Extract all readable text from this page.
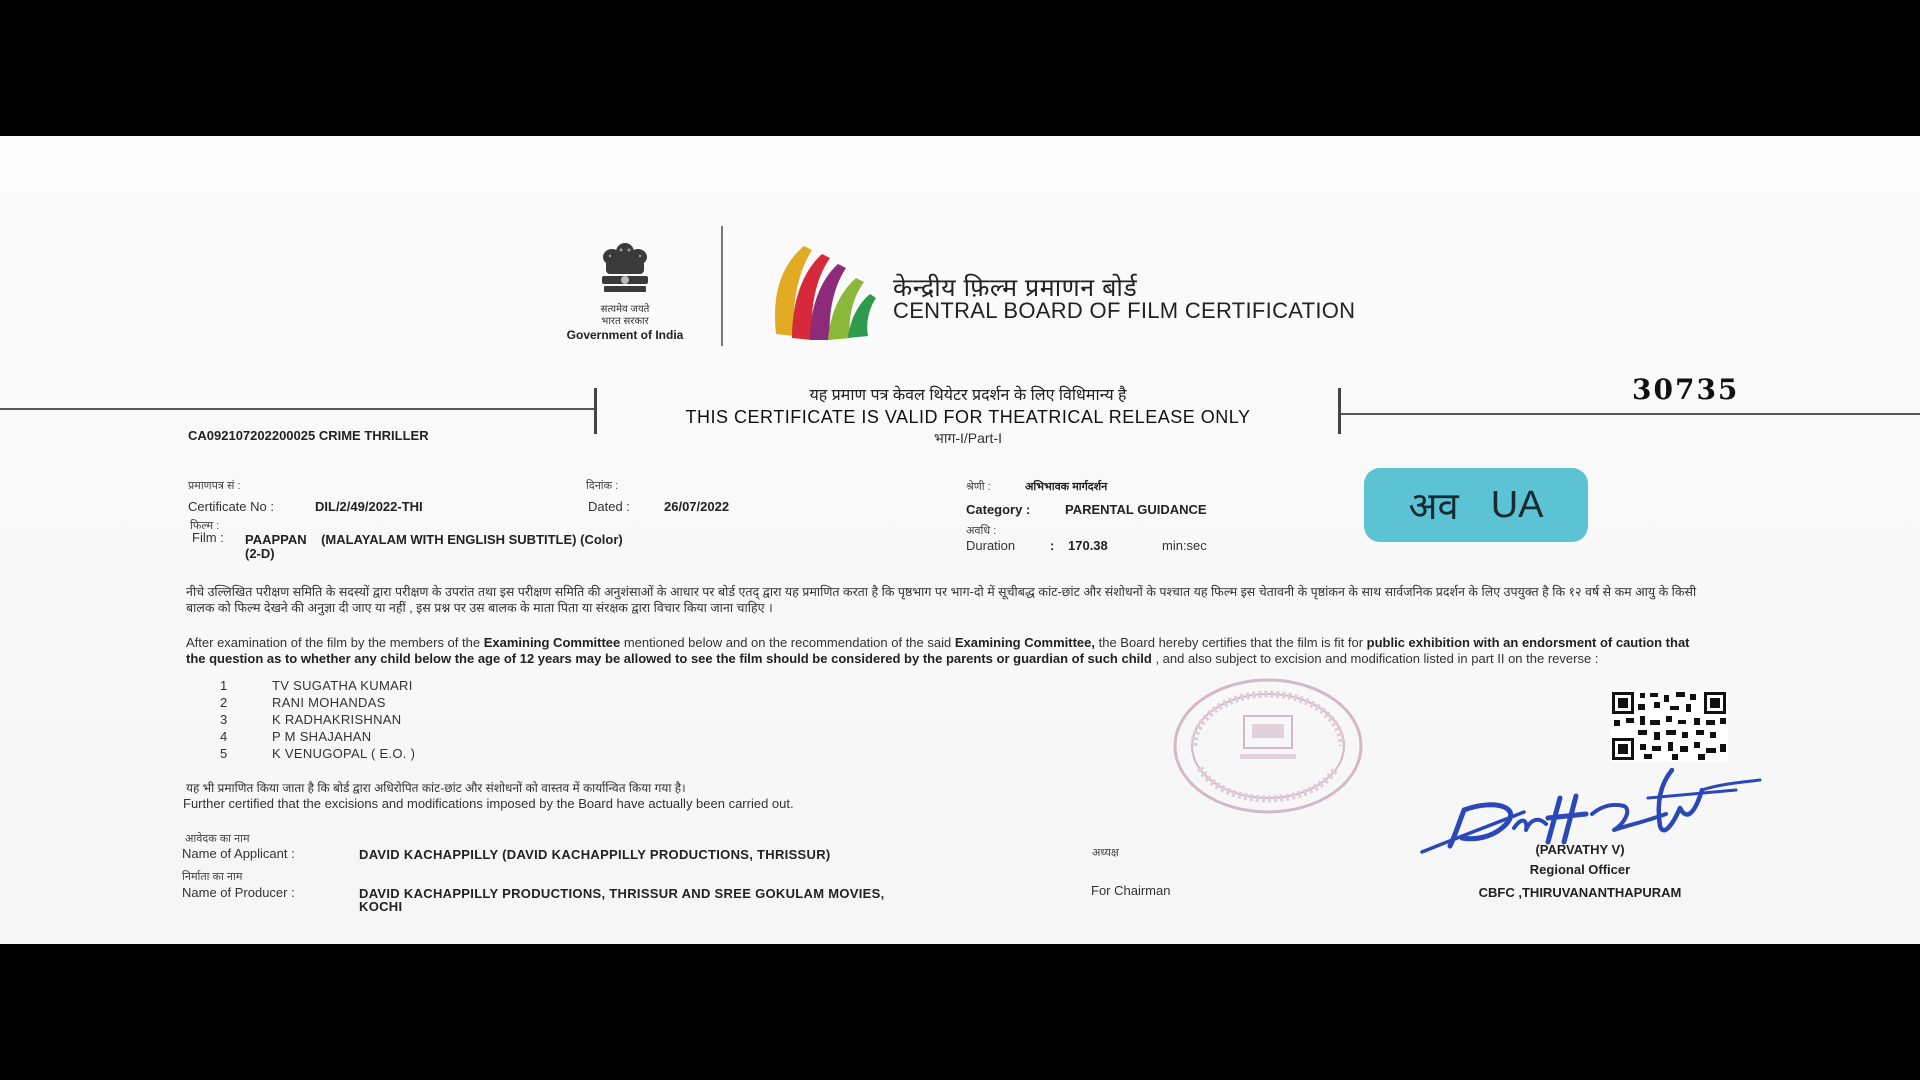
सत्यमेव जयते
भारत सरकार
Government of India
केन्द्रीय फ़िल्म प्रमाणन बोर्ड
CENTRAL BOARD OF FILM CERTIFICATION
यह प्रमाण पत्र केवल थियेटर प्रदर्शन के लिए विधिमान्य है
THIS CERTIFICATE IS VALID FOR THEATRICAL RELEASE ONLY
भाग-I/Part-I
30735
CA092107202200025 CRIME THRILLER
प्रमाणपत्र सं :
Certificate No :	DIL/2/49/2022-THI
दिनांक :
Dated :	26/07/2022
श्रेणी :	अभिभावक मार्गदर्शन
Category :	PARENTAL GUIDANCE
फिल्म :
Film : PAAPPAN    (MALAYALAM WITH ENGLISH SUBTITLE) (Color)
(2-D)
अवधि :
Duration	: 170.38	min:sec
अव UA
नीचे उल्लिखित परीक्षण समिति के सदस्यों द्वारा परीक्षण के उपरांत तथा इस परीक्षण समिति की अनुशंसाओं के आधार पर बोर्ड एतद् द्वारा यह प्रमाणित करता है कि पृष्ठभाग पर भाग-दो में सूचीबद्ध कांट-छांट और संशोधनों के पश्चात यह फिल्म इस चेतावनी के पृष्ठांकन के साथ सार्वजनिक प्रदर्शन के लिए उपयुक्त है कि १२ वर्ष से कम आयु के किसी बालक को फिल्म देखने की अनुज्ञा दी जाए या नहीं , इस प्रश्न पर उस बालक के माता पिता या संरक्षक द्वारा विचार किया जाना चाहिए ।
After examination of the film by the members of the Examining Committee mentioned below and on the recommendation of the said Examining Committee, the Board hereby certifies that the film is fit for public exhibition with an endorsment of caution that the question as to whether any child below the age of 12 years may be allowed to see the film should be considered by the parents or guardian of such child , and also subject to excision and modification listed in part II on the reverse :
1	TV SUGATHA KUMARI
2	RANI MOHANDAS
3	K RADHAKRISHNAN
4	P M SHAJAHAN
5	K VENUGOPAL ( E.O. )
यह भी प्रमाणित किया जाता है कि बोर्ड द्वारा अधिरोपित कांट-छांट और संशोधनों को वास्तव में कार्यान्वित किया गया है।
Further certified that the excisions and modifications imposed by the Board have actually been carried out.
आवेदक का नाम
Name of Applicant :	DAVID KACHAPPILLY (DAVID KACHAPPILLY PRODUCTIONS, THRISSUR)
निर्माता का नाम
Name of Producer :	DAVID KACHAPPILLY PRODUCTIONS, THRISSUR AND SREE GOKULAM MOVIES,
KOCHI
अध्यक्ष
For Chairman
(PARVATHY V)
Regional Officer
CBFC ,THIRUVANANTHAPURAM
